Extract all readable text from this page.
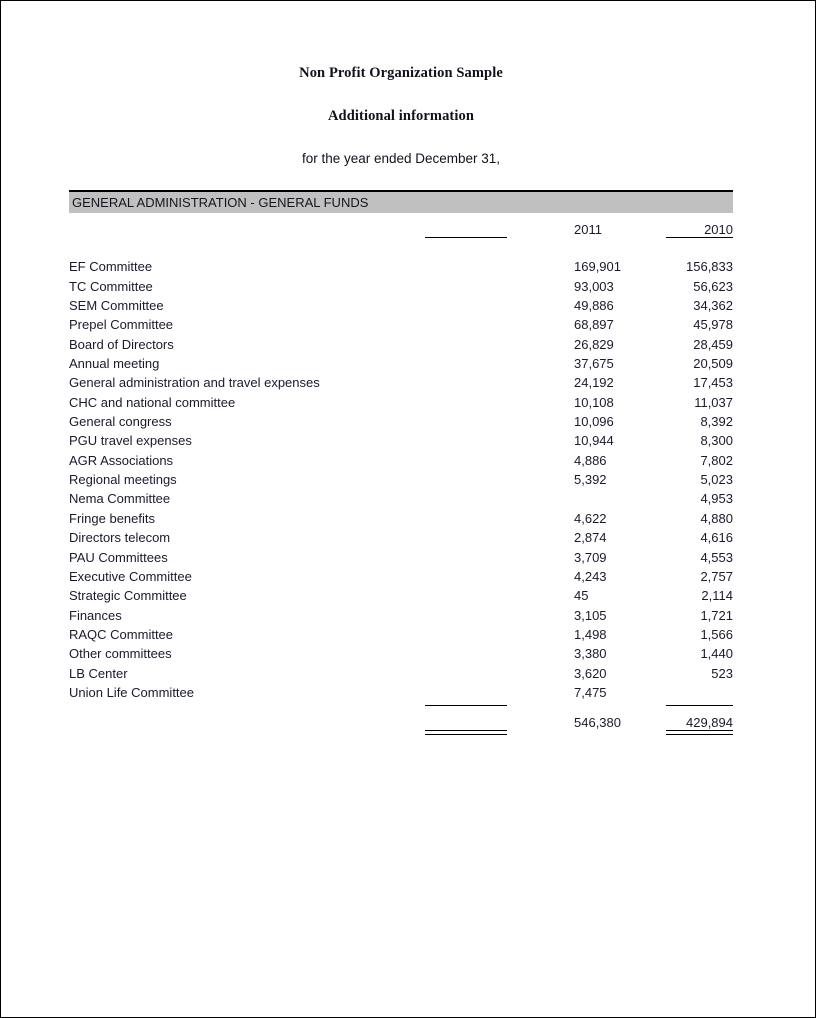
Non Profit Organization Sample
Additional information
for the year ended December 31,
GENERAL ADMINISTRATION - GENERAL FUNDS
	2011	2010

EF Committee	169,901	156,833
TC Committee	93,003	56,623
SEM Committee	49,886	34,362
Prepel Committee	68,897	45,978
Board of Directors	26,829	28,459
Annual meeting	37,675	20,509
General administration and travel expenses	24,192	17,453
CHC and national committee	10,108	11,037
General congress	10,096	8,392
PGU travel expenses	10,944	8,300
AGR Associations	4,886	7,802
Regional meetings	5,392	5,023
Nema Committee		4,953
Fringe benefits	4,622	4,880
Directors telecom	2,874	4,616
PAU Committees	3,709	4,553
Executive Committee	4,243	2,757
Strategic Committee	45	2,114
Finances	3,105	1,721
RAQC Committee	1,498	1,566
Other committees	3,380	1,440
LB Center	3,620	523
Union Life Committee	7,475	

	546,380	429,894
